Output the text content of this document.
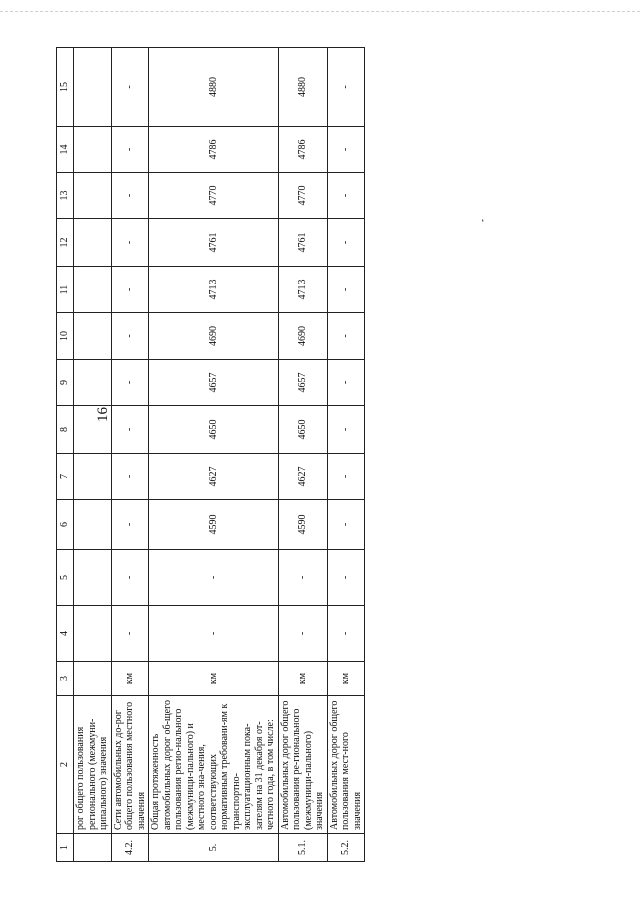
16
’
1	2	3	4	5	6	7	8	9	10	11	12	13	14	15
	рог общего пользования регионального (межмуни-ципального) значения													
4.2.	Сети автомобильных до-рог общего пользования местного значения	км	-	-	-	-	-	-	-	-	-	-	-	-
5.	Общая протяженность автомобильных дорог об-щего пользования регио-нального (межмуници-пального) и местного зна-чения, соответствующих нормативным требовани-ям к транспортно-эксплуатационным пока-зателям на 31 декабря от-четного года, в том числе:	км	-	-	4590	4627	4650	4657	4690	4713	4761	4770	4786	4880
5.1.	Автомобильных дорог общего пользования ре-гионального (межмуници-пального) значения	км	-	-	4590	4627	4650	4657	4690	4713	4761	4770	4786	4880
5.2.	Автомобильных дорог общего пользования мест-ного значения	км	-	-	-	-	-	-	-	-	-	-	-	-
